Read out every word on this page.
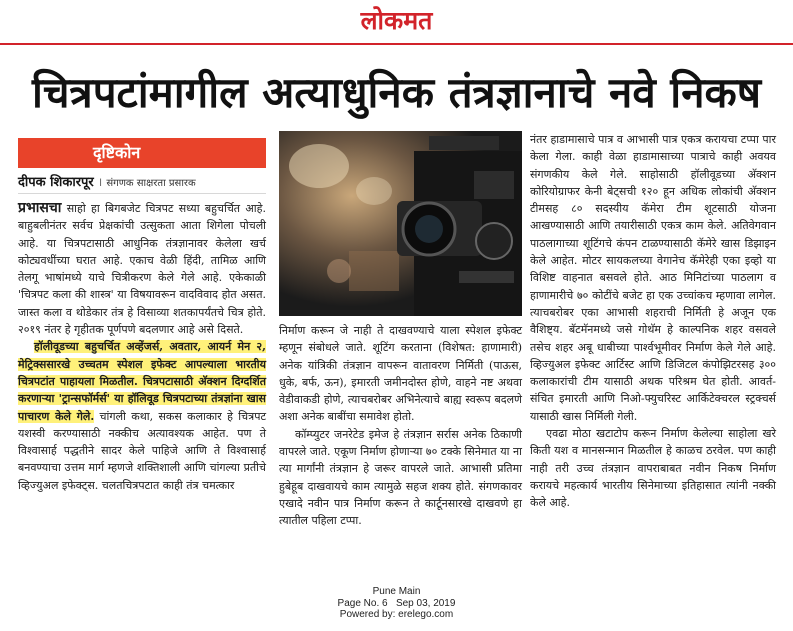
लोकमत
चित्रपटांमागील अत्याधुनिक तंत्रज्ञानाचे नवे निकष
दृष्टिकोन
दीपक शिकारपूर । संगणक साक्षरता प्रसारक

प्रभासचा साहो हा बिगबजेट चित्रपट सध्या बहुचर्चित आहे. बाहुबलीनंतर सर्वच प्रेक्षकांची उत्सुकता आता शिगेला पोचली आहे. या चित्रपटासाठी आधुनिक तंत्रज्ञानावर केलेला खर्च कोट्यवधींच्या घरात आहे. एकाच वेळी हिंदी, तामिळ आणि तेलगू भाषांमध्ये याचे चित्रीकरण केले गेले आहे. एकेकाळी 'चित्रपट कला की शास्त्र' या विषयावरून वादविवाद होत असत. जास्त कला व थोडेकार तंत्र हे विसाव्या शतकापर्यंतचे चित्र होते. २०१९ नंतर हे गृहीतक पूर्णपणे बदलणार आहे असे दिसते.

हॉलीवूडच्या बहुचर्चित अव्हेंजर्स, अवतार, आयर्न मेन २, मेट्रिक्ससारखे उच्चतम स्पेशल इफेक्ट आपल्याला भारतीय चित्रपटांत पाहायला मिळतील. चित्रपटासाठी अ‍ॅक्शन दिग्दर्शित करणाऱ्या 'ट्रान्सफॉर्मर्स' या हॉलिवूड चित्रपटाच्या तंत्रज्ञांना खास पाचारण केले गेले. चांगली कथा, सकस कलाकार हे चित्रपट यशस्वी करण्यासाठी नक्कीच अत्यावश्यक आहेत. पण ते विश्वासार्ह पद्धतीने सादर केले पाहिजे आणि ते विश्वासार्ह बनवण्याचा उत्तम मार्ग म्हणजे शक्तिशाली आणि चांगल्या प्रतीचे व्हिज्युअल इफेक्ट्स. चलतचित्रपटात काही तंत्र चमत्कार

निर्माण करून जे नाही ते दाखवण्याचे याला स्पेशल इफेक्ट म्हणून संबोधले जाते. शूटिंग करताना (विशेषत: हाणामारी) अनेक यांत्रिकी तंत्रज्ञान वापरून वातावरण निर्मिती (पाऊस, धुके, बर्फ, ऊन), इमारती जमीनदोस्त होणे, वाहने नष्ट अथवा वेडीवाकडी होणे, त्याचबरोबर अभिनेत्याचे बाह्य स्वरूप बदलणे अशा अनेक बाबींचा समावेश होतो.

कॉम्प्युटर जनरेटेड इमेज हे तंत्रज्ञान सर्रास अनेक ठिकाणी वापरले जाते. एकूण निर्माण होणाऱ्या ७० टक्के सिनेमात या ना त्या मार्गांनी तंत्रज्ञान हे जरूर वापरले जाते. आभासी प्रतिमा हुबेहूब दाखवायचे काम त्यामुळे सहज शक्य होते. संगणकावर एखादे नवीन पात्र निर्माण करून ते कार्टूनसारखे दाखवणे हा त्यातील पहिला टप्पा.

नंतर हाडामासाचे पात्र व आभासी पात्र एकत्र करायचा टप्पा पार केला गेला. काही वेळा हाडामासाच्या पात्राचे काही अवयव संगणकीय केले गेले. साहोसाठी हॉलीवूडच्या अ‍ॅक्शन कोरियोग्राफर केनी बेट्सची १२० हून अधिक लोकांची अ‍ॅक्शन टीमसह ८० सदस्यीय कॅमेरा टीम शूटसाठी योजना आखण्यासाठी आणि तयारीसाठी एकत्र काम केले. अतिवेगवान पाठलागाच्या शूटिंगचे कंपन टाळण्यासाठी कॅमेरे खास डिझाइन केले आहेत. मोटर सायकलच्या वेगानेच कॅमेरेही एका इव्हो या विशिष्ट वाहनात बसवले होते. आठ मिनिटांच्या पाठलाग व हाणामारीचे ७० कोटींचे बजेट हा एक उच्चांकच म्हणावा लागेल. त्याचबरोबर एका आभासी शहराची निर्मिती हे अजून एक वैशिष्ट्य. बॅटमॅनमध्ये जसे गोथॅम हे काल्पनिक शहर वसवले तसेच शहर अबू धाबीच्या पार्श्वभूमीवर निर्माण केले गेले आहे. व्हिज्युअल इफेक्ट आर्टिस्ट आणि डिजिटल कंपोझिटरसह ३०० कलाकारांची टीम यासाठी अथक परिश्रम घेत होती. आवर्त-संचित इमारती आणि निओ-फ्युचरिस्ट आर्किटेक्चरल स्ट्रक्चर्स यासाठी खास निर्मिली गेली.

एवढा मोठा खटाटोप करून निर्माण केलेल्या साहोला खरे किती यश व मानसन्मान मिळतील हे काळच ठरवेल. पण काही नाही तरी उच्च तंत्रज्ञान वापराबाबत नवीन निकष निर्माण करायचे महत्कार्य भारतीय सिनेमाच्या इतिहासात त्यांनी नक्की केले आहे.

Pune Main
Page No. 6 Sep 03, 2019
Powered by: erelego.com
